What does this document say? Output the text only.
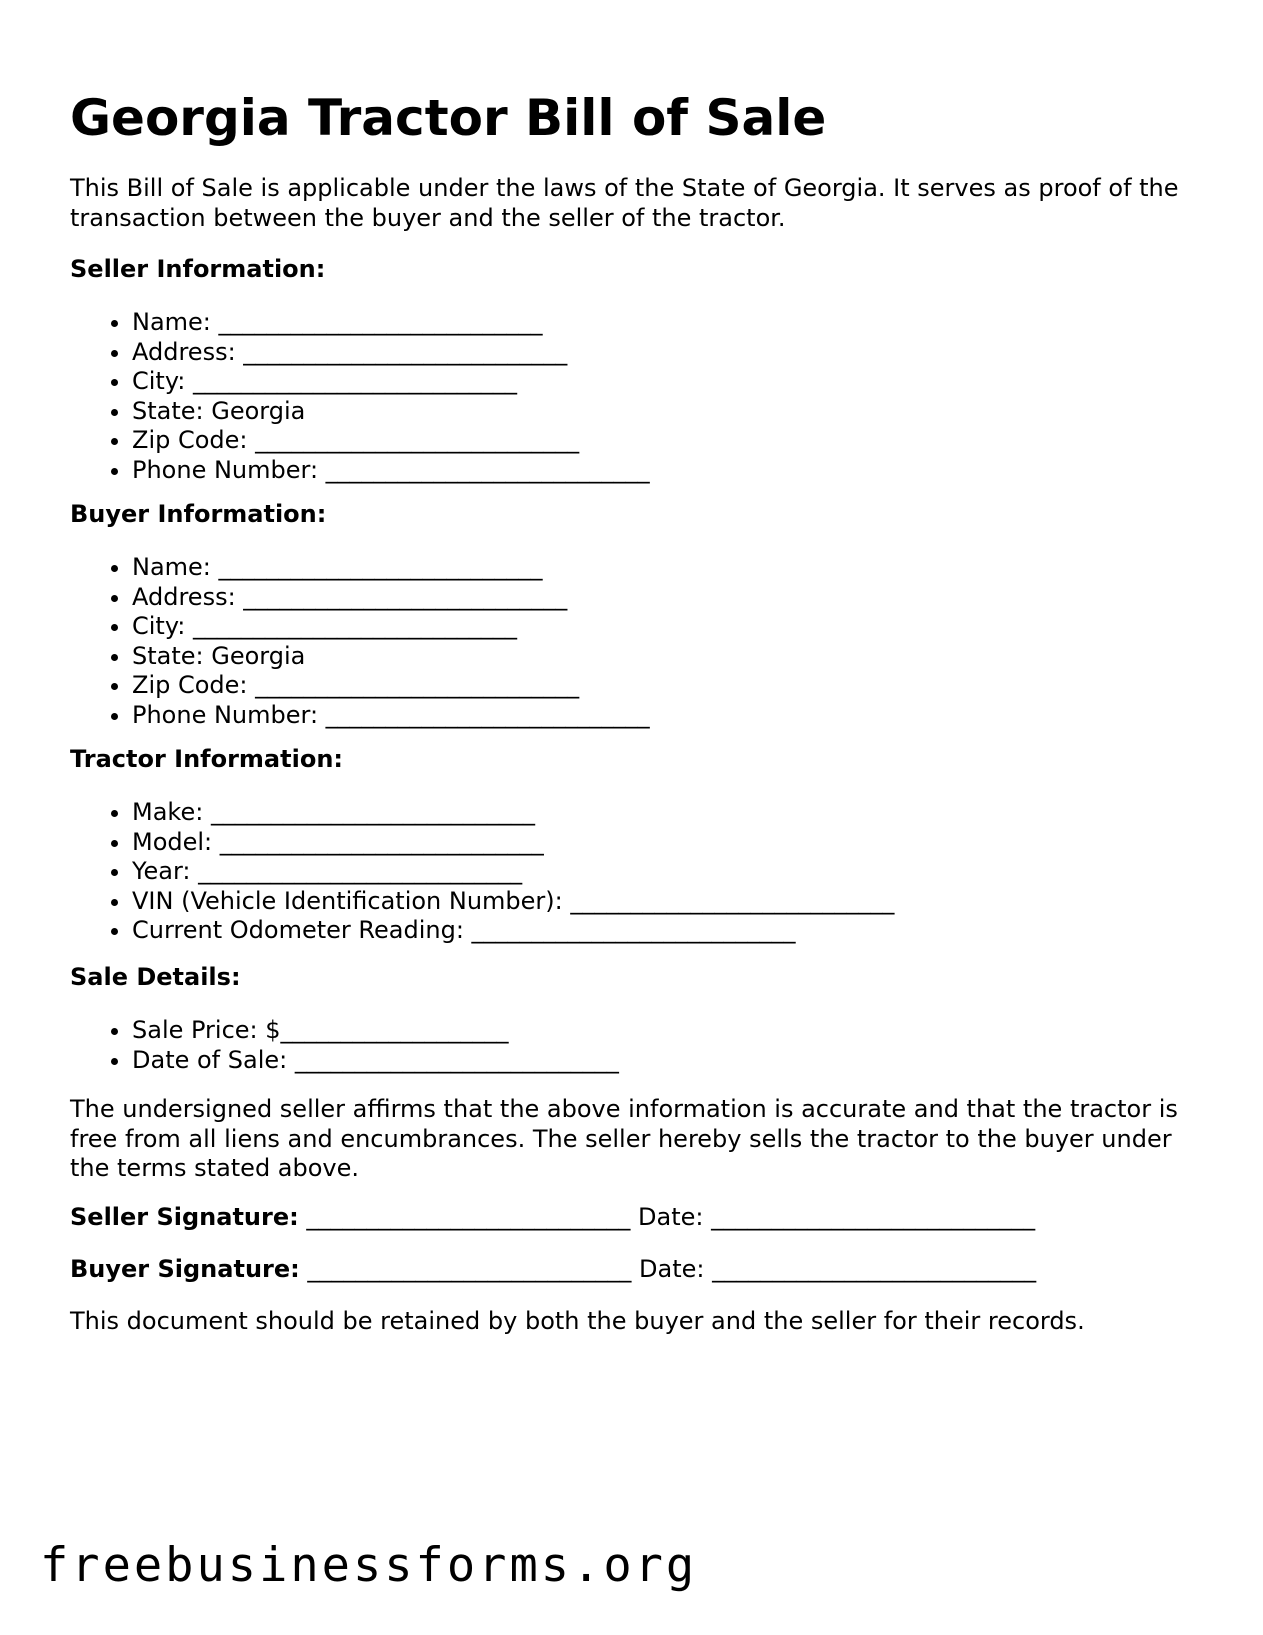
Georgia Tractor Bill of Sale

This Bill of Sale is applicable under the laws of the State of Georgia. It serves as proof of the transaction between the buyer and the seller of the tractor.

Seller Information:

• Name: ___________________________
• Address: ___________________________
• City: ___________________________
• State: Georgia
• Zip Code: ___________________________
• Phone Number: ___________________________

Buyer Information:

• Name: ___________________________
• Address: ___________________________
• City: ___________________________
• State: Georgia
• Zip Code: ___________________________
• Phone Number: ___________________________

Tractor Information:

• Make: ___________________________
• Model: ___________________________
• Year: ___________________________
• VIN (Vehicle Identification Number): ___________________________
• Current Odometer Reading: ___________________________

Sale Details:

• Sale Price: $___________________
• Date of Sale: ___________________________

The undersigned seller affirms that the above information is accurate and that the tractor is free from all liens and encumbrances. The seller hereby sells the tractor to the buyer under the terms stated above.

Seller Signature: ___________________________ Date: ___________________________

Buyer Signature: ___________________________ Date: ___________________________

This document should be retained by both the buyer and the seller for their records.

freebusinessforms.org
